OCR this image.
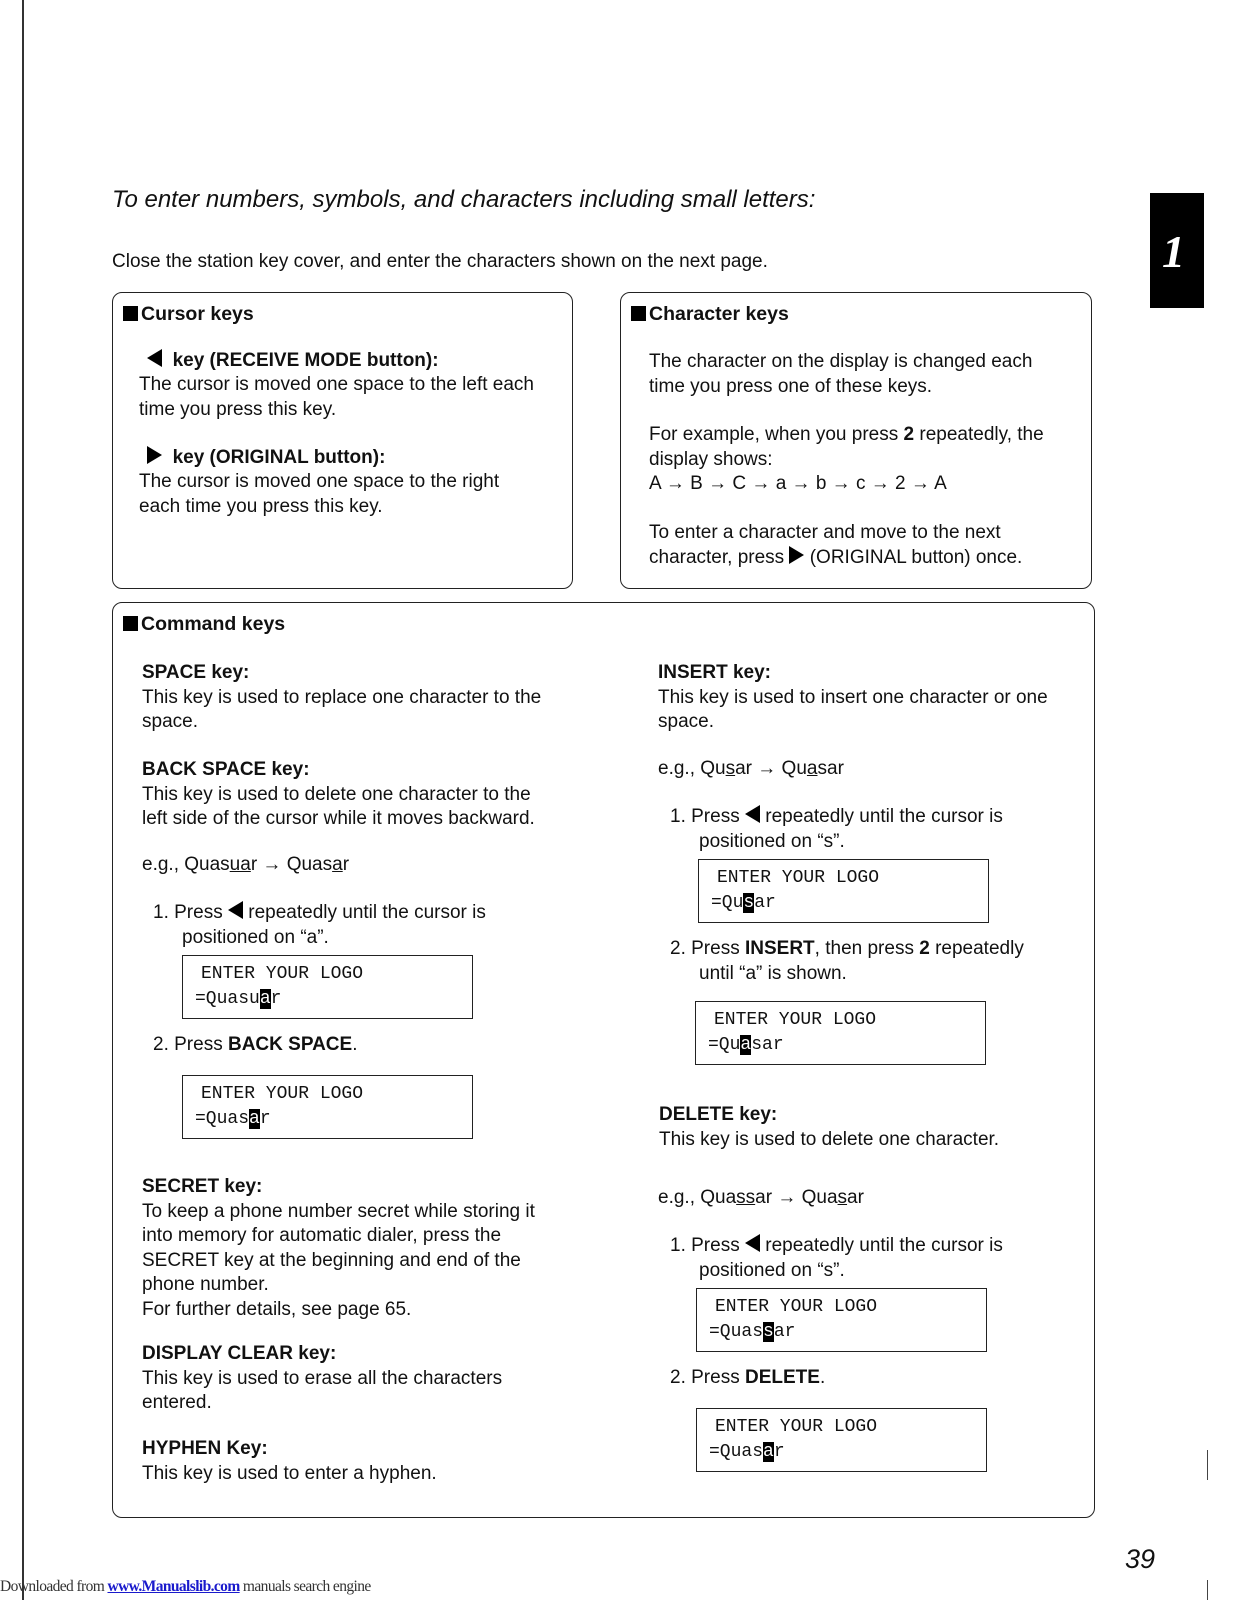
To enter numbers, symbols, and characters including small letters:
Close the station key cover, and enter the characters shown on the next page.	1
Cursor keys
key (RECEIVE MODE button):
The cursor is moved one space to the left each
time you press this key.
key (ORIGINAL button):
The cursor is moved one space to the right
each time you press this key.
Character keys
The character on the display is changed each
time you press one of these keys.
For example, when you press 2 repeatedly, the
display shows:
A → B → C → a → b → c → 2 → A
To enter a character and move to the next
character, press  (ORIGINAL button) once.
Command keys
SPACE key:
This key is used to replace one character to the
space.
BACK SPACE key:
This key is used to delete one character to the
left side of the cursor while it moves backward.
e.g., Quasuar → Quasar
1. Press  repeatedly until the cursor is
positioned on “a”.
ENTER YOUR LOGO
=Quasuar
2. Press BACK SPACE.
ENTER YOUR LOGO
=Quasar
SECRET key:
To keep a phone number secret while storing it
into memory for automatic dialer, press the
SECRET key at the beginning and end of the
phone number.
For further details, see page 65.
DISPLAY CLEAR key:
This key is used to erase all the characters
entered.
HYPHEN Key:
This key is used to enter a hyphen.
INSERT key:
This key is used to insert one character or one
space.
e.g., Qusar → Quasar
1. Press  repeatedly until the cursor is
positioned on “s”.
ENTER YOUR LOGO
=Qusar
2. Press INSERT, then press 2 repeatedly
until “a” is shown.
ENTER YOUR LOGO
=Quasar
DELETE key:
This key is used to delete one character.
e.g., Quassar → Quasar
1. Press  repeatedly until the cursor is
positioned on “s”.
ENTER YOUR LOGO
=Quassar
2. Press DELETE.
ENTER YOUR LOGO
=Quasar
39
Downloaded from www.Manualslib.com manuals search engine
